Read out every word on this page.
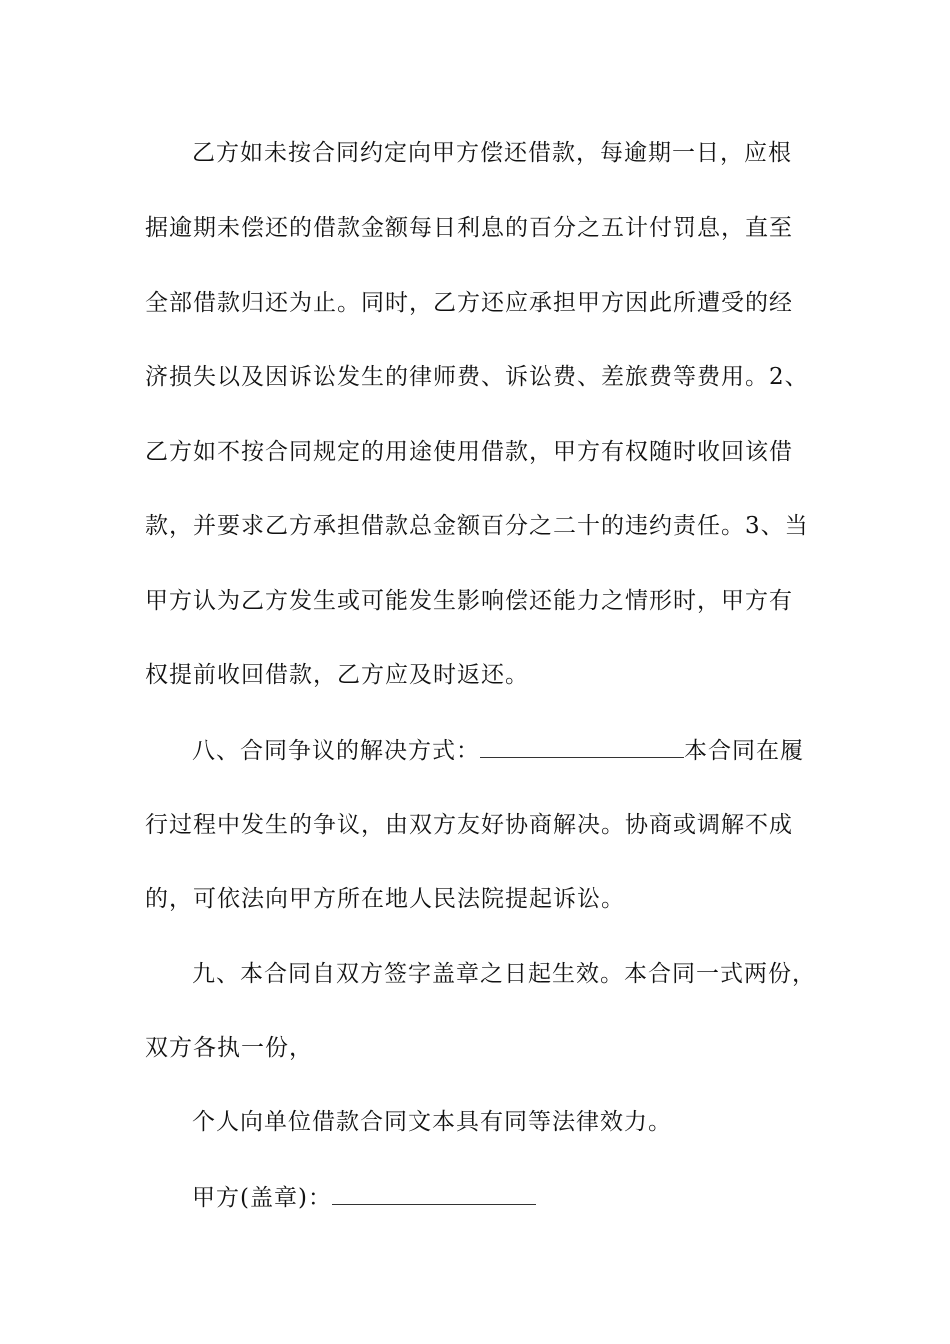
乙方如未按合同约定向甲方偿还借款，每逾期一日，应根
据逾期未偿还的借款金额每日利息的百分之五计付罚息，直至
全部借款归还为止。同时，乙方还应承担甲方因此所遭受的经
济损失以及因诉讼发生的律师费、诉讼费、差旅费等费用。2、
乙方如不按合同规定的用途使用借款，甲方有权随时收回该借
款，并要求乙方承担借款总金额百分之二十的违约责任。3、当
甲方认为乙方发生或可能发生影响偿还能力之情形时，甲方有
权提前收回借款，乙方应及时返还。
八、合同争议的解决方式：	本合同在履
行过程中发生的争议，由双方友好协商解决。协商或调解不成
的，可依法向甲方所在地人民法院提起诉讼。
九、本合同自双方签字盖章之日起生效。本合同一式两份，
双方各执一份，
个人向单位借款合同文本具有同等法律效力。
甲方(盖章)：
